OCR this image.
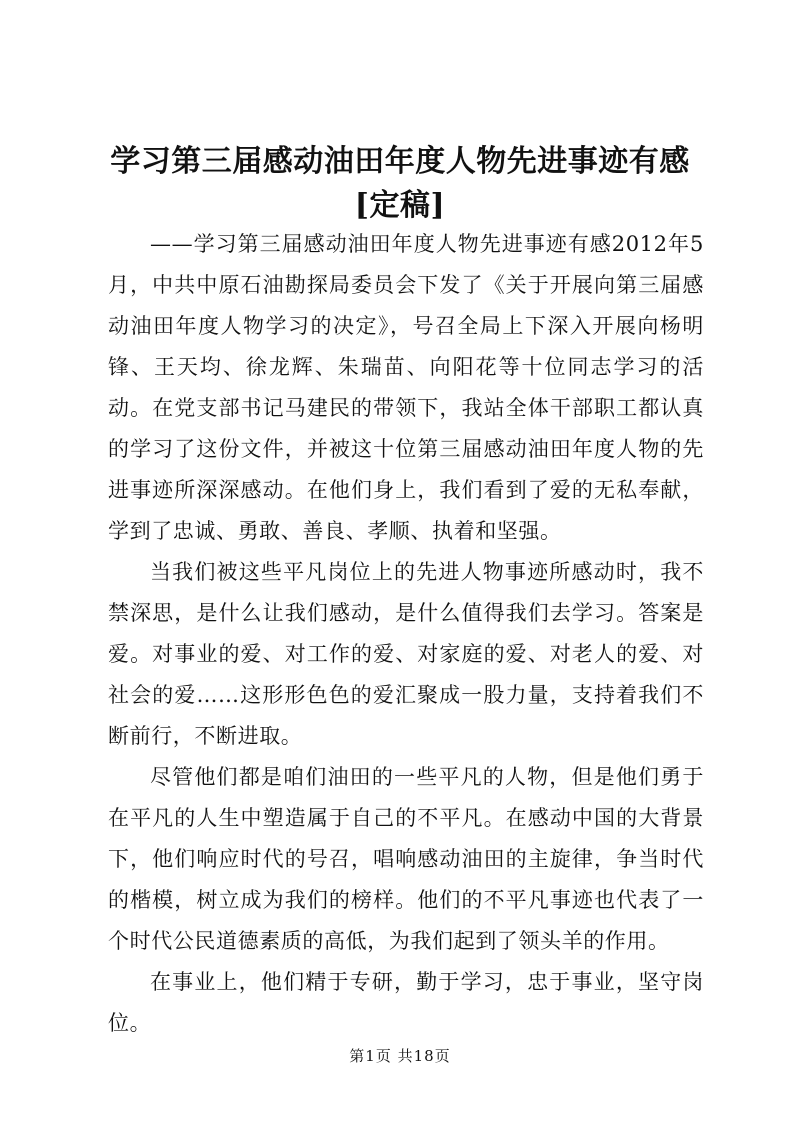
学习第三届感动油田年度人物先进事迹有感
[定稿]

——学习第三届感动油田年度人物先进事迹有感2012年5月，中共中原石油勘探局委员会下发了《关于开展向第三届感动油田年度人物学习的决定》，号召全局上下深入开展向杨明锋、王天均、徐龙辉、朱瑞苗、向阳花等十位同志学习的活动。在党支部书记马建民的带领下，我站全体干部职工都认真的学习了这份文件，并被这十位第三届感动油田年度人物的先进事迹所深深感动。在他们身上，我们看到了爱的无私奉献，学到了忠诚、勇敢、善良、孝顺、执着和坚强。

当我们被这些平凡岗位上的先进人物事迹所感动时，我不禁深思，是什么让我们感动，是什么值得我们去学习。答案是爱。对事业的爱、对工作的爱、对家庭的爱、对老人的爱、对社会的爱……这形形色色的爱汇聚成一股力量，支持着我们不断前行，不断进取。

尽管他们都是咱们油田的一些平凡的人物，但是他们勇于在平凡的人生中塑造属于自己的不平凡。在感动中国的大背景下，他们响应时代的号召，唱响感动油田的主旋律，争当时代的楷模，树立成为我们的榜样。他们的不平凡事迹也代表了一个时代公民道德素质的高低，为我们起到了领头羊的作用。

在事业上，他们精于专研，勤于学习，忠于事业，坚守岗位。

第1页 共18页
